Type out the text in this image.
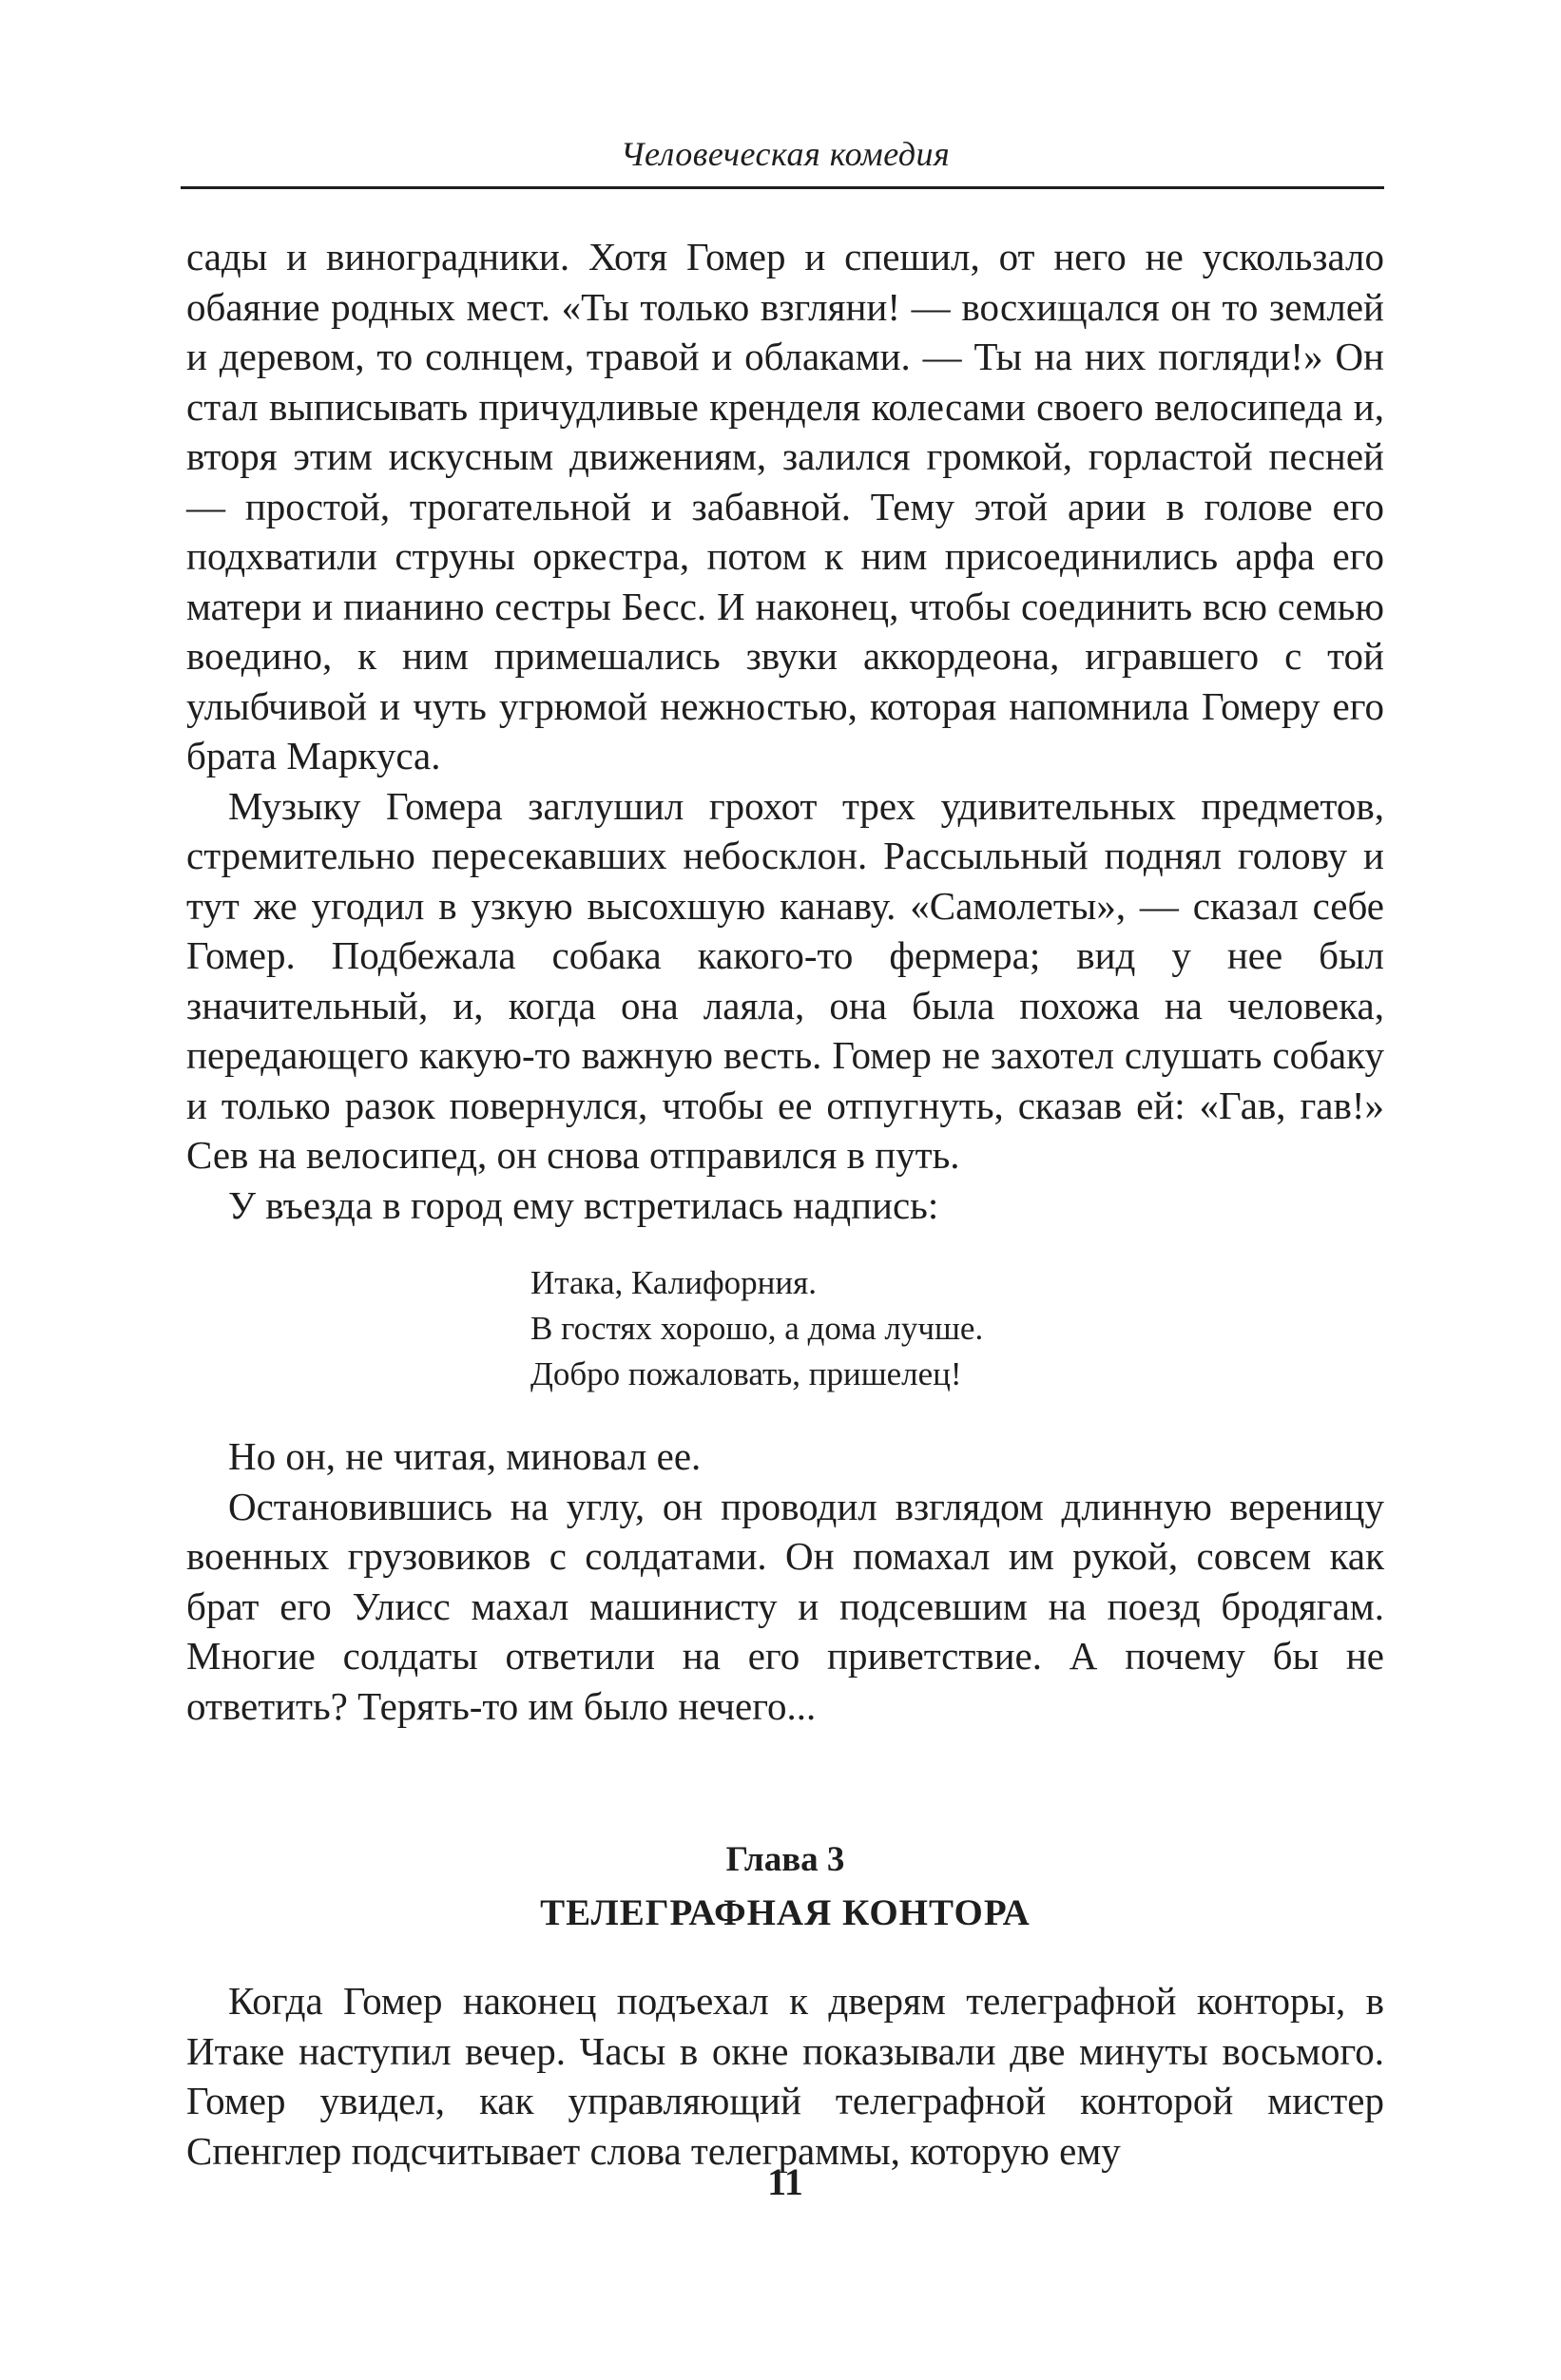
Человеческая комедия

сады и виноградники. Хотя Гомер и спешил, от него не ускользало обаяние родных мест. «Ты только взгляни! — восхищался он то землей и деревом, то солнцем, травой и облаками. — Ты на них погляди!» Он стал выписывать причудливые кренделя колесами своего велосипеда и, вторя этим искусным движениям, залился громкой, горластой песней — простой, трогательной и забавной. Тему этой арии в голове его подхватили струны оркестра, потом к ним присоединились арфа его матери и пианино сестры Бесс. И наконец, чтобы соединить всю семью воедино, к ним примешались звуки аккордеона, игравшего с той улыбчивой и чуть угрюмой нежностью, которая напомнила Гомеру его брата Маркуса.

Музыку Гомера заглушил грохот трех удивительных предметов, стремительно пересекавших небосклон. Рассыльный поднял голову и тут же угодил в узкую высохшую канаву. «Самолеты», — сказал себе Гомер. Подбежала собака какого-то фермера; вид у нее был значительный, и, когда она лаяла, она была похожа на человека, передающего какую-то важную весть. Гомер не захотел слушать собаку и только разок повернулся, чтобы ее отпугнуть, сказав ей: «Гав, гав!» Сев на велосипед, он снова отправился в путь.

У въезда в город ему встретилась надпись:

Итака, Калифорния.
В гостях хорошо, а дома лучше.
Добро пожаловать, пришелец!

Но он, не читая, миновал ее.

Остановившись на углу, он проводил взглядом длинную вереницу военных грузовиков с солдатами. Он помахал им рукой, совсем как брат его Улисс махал машинисту и подсевшим на поезд бродягам. Многие солдаты ответили на его приветствие. А почему бы не ответить? Терять-то им было нечего...

Глава 3
ТЕЛЕГРАФНАЯ КОНТОРА

Когда Гомер наконец подъехал к дверям телеграфной конторы, в Итаке наступил вечер. Часы в окне показывали две минуты восьмого. Гомер увидел, как управляющий телеграфной конторой мистер Спенглер подсчитывает слова телеграммы, которую ему

11
